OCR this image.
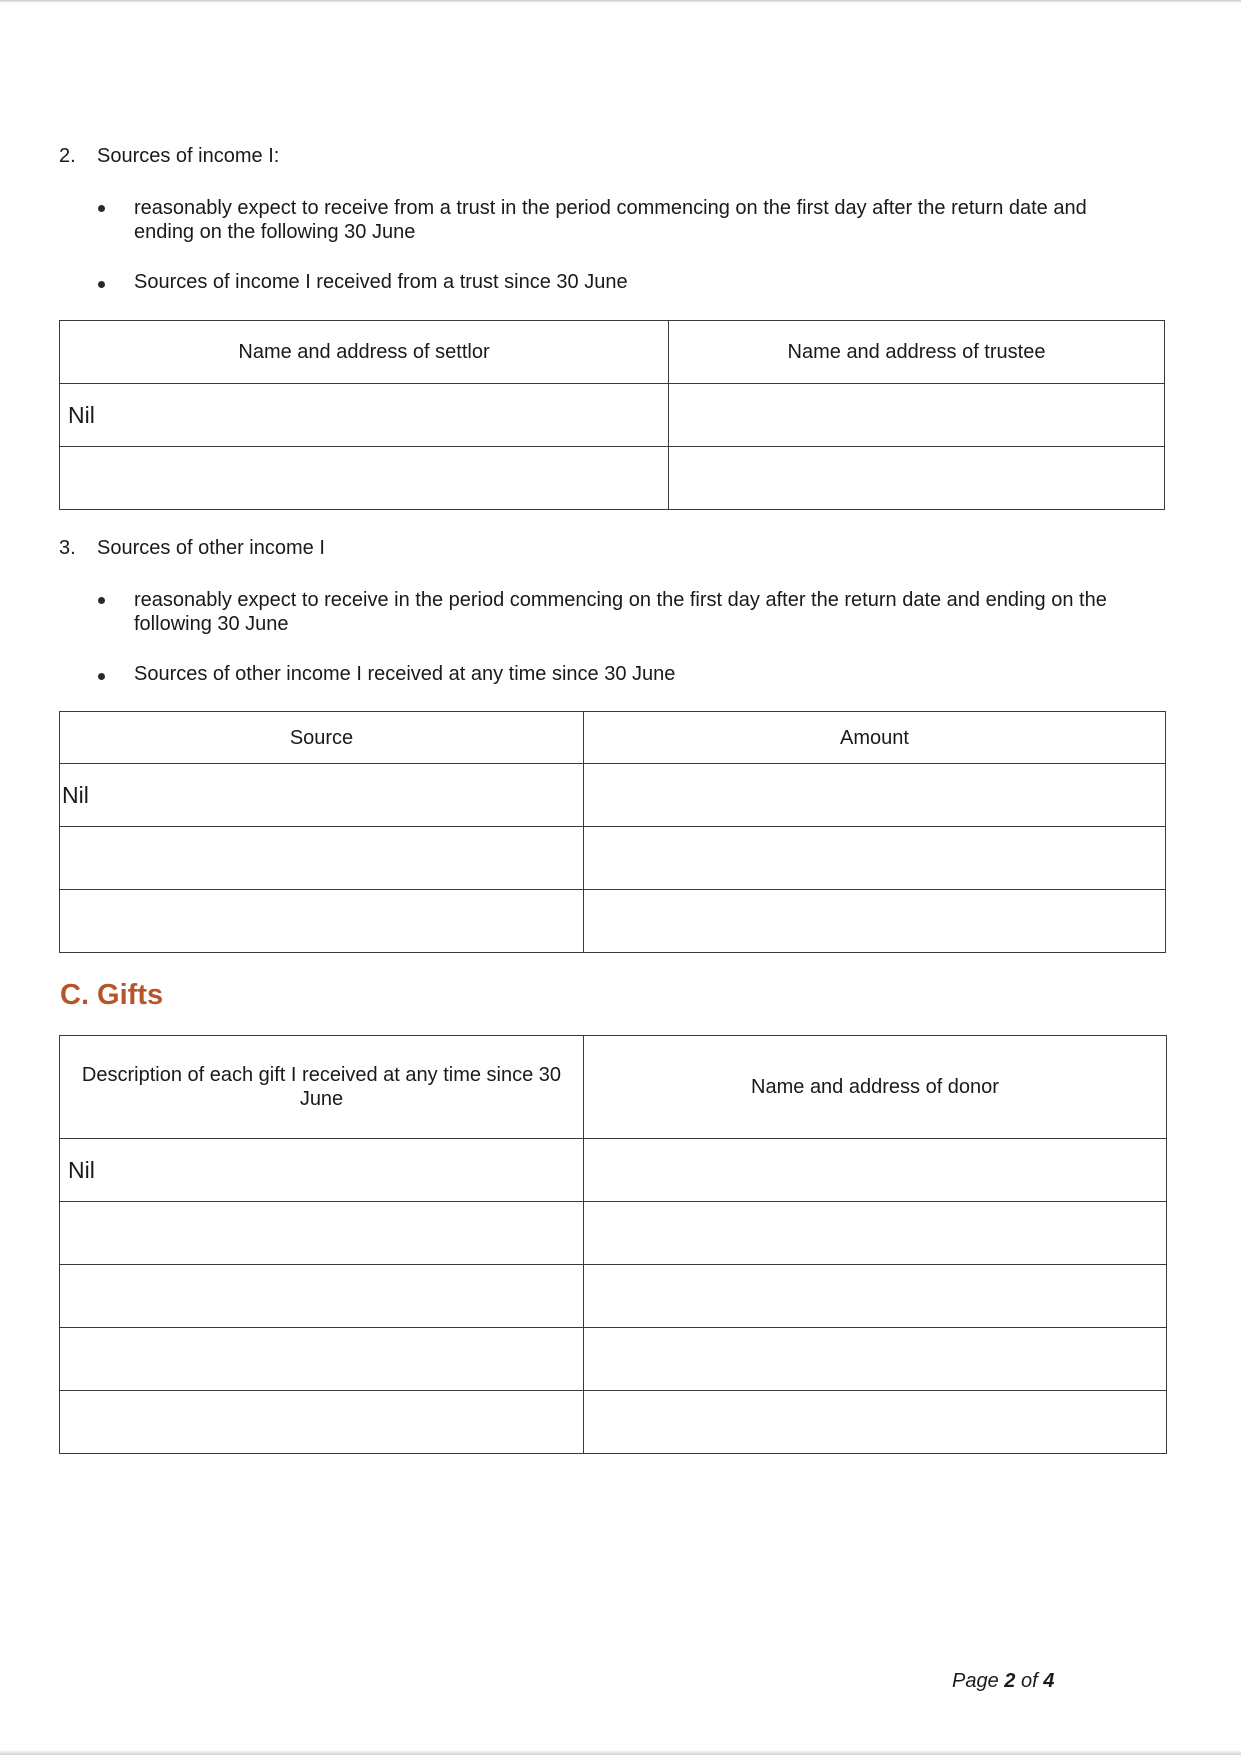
2. Sources of income I:
reasonably expect to receive from a trust in the period commencing on the first day after the return date and ending on the following 30 June
Sources of income I received from a trust since 30 June
Name and address of settlor	Name and address of trustee
Nil	

3. Sources of other income I
reasonably expect to receive in the period commencing on the first day after the return date and ending on the following 30 June
Sources of other income I received at any time since 30 June
Source	Amount
Nil	

C. Gifts
Description of each gift I received at any time since 30 June	Name and address of donor
Nil	

Page 2 of 4
